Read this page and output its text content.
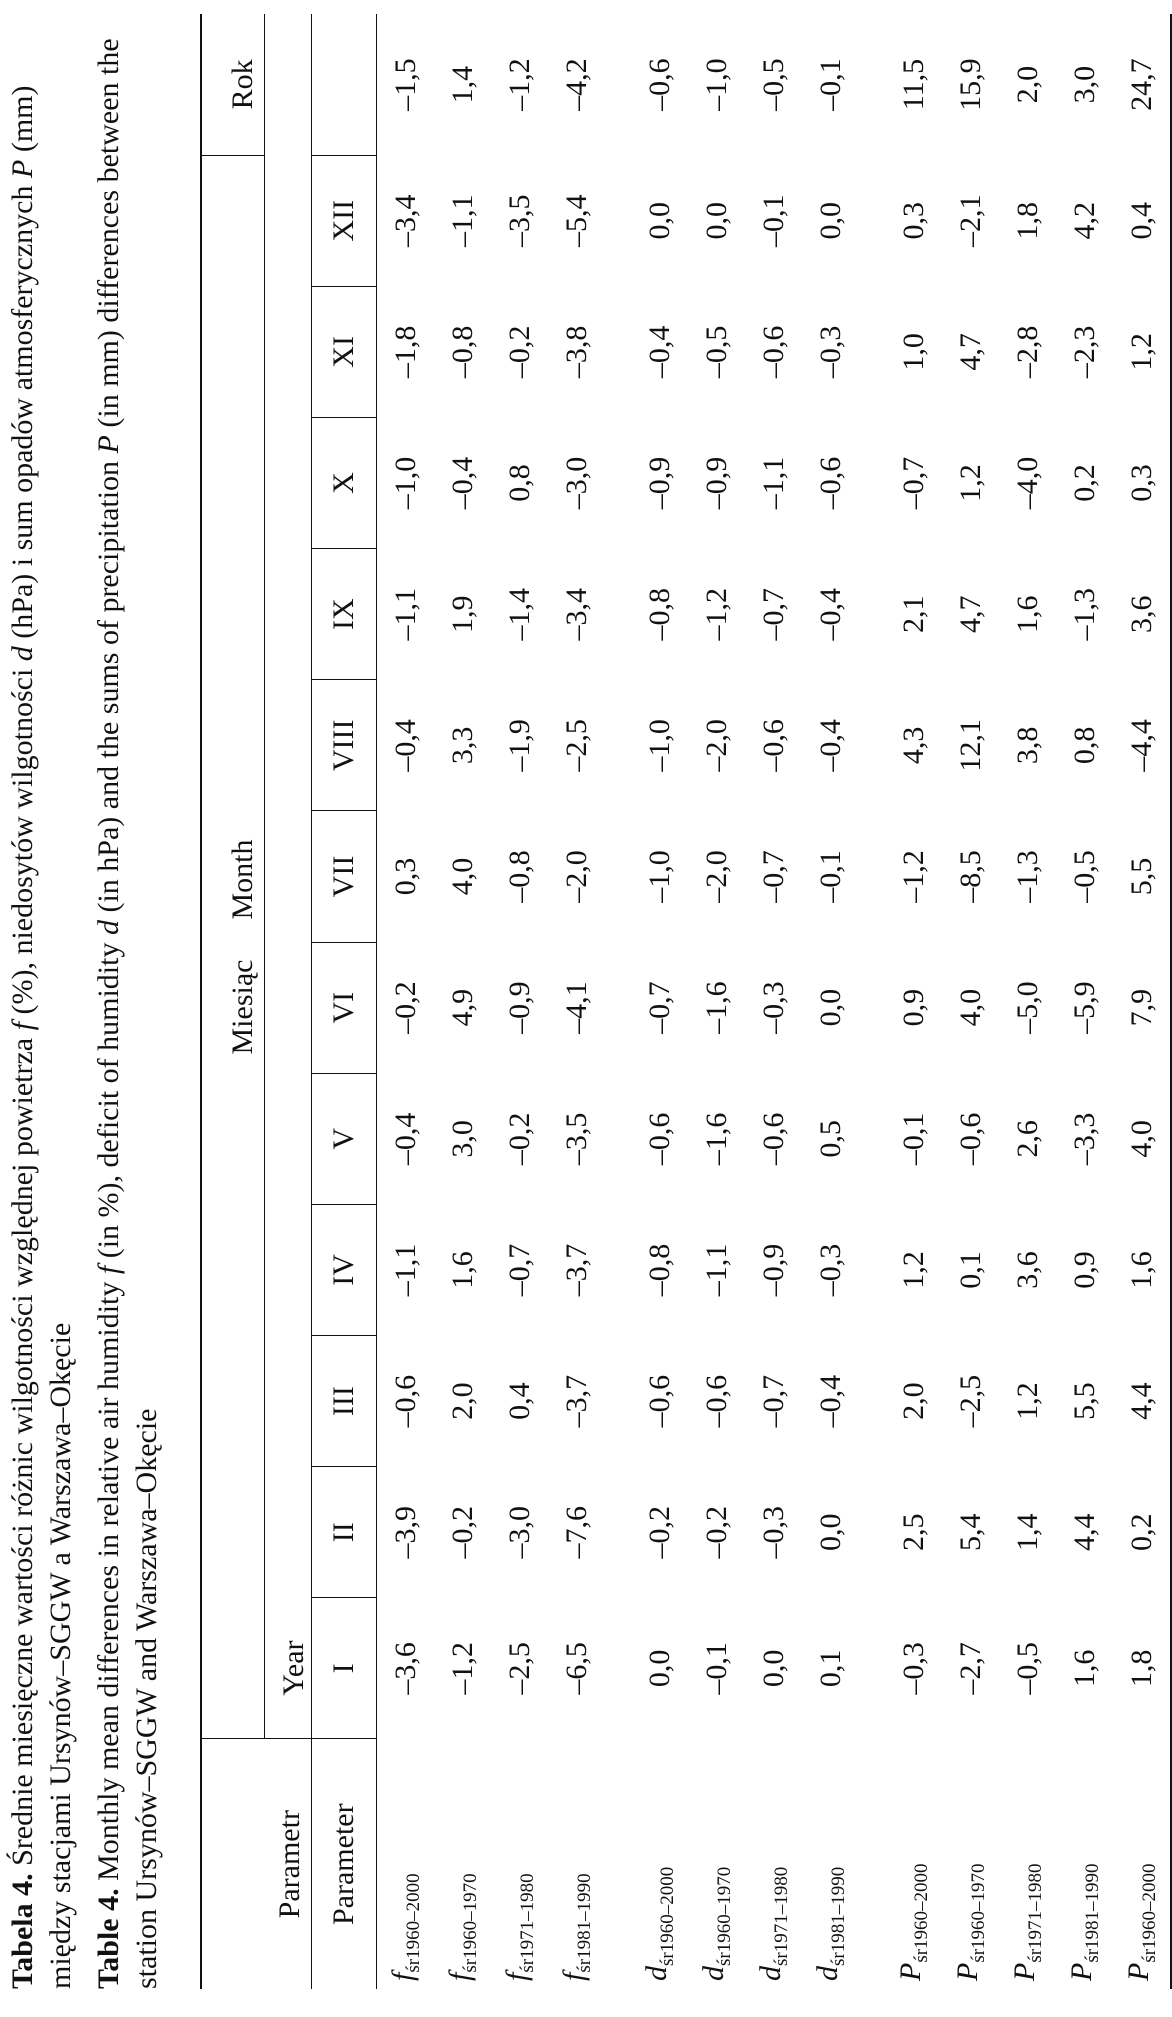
Tabela 4. Średnie miesięczne wartości różnic wilgotności względnej powietrza f (%), niedosytów wilgotności d (hPa) i sum opadów atmosferycznych P (mm) między stacjami Ursynów–SGGW a Warszawa–Okęcie Table 4. Monthly mean differences in relative air humidity f (in %), deficit of humidity d (in hPa) and the sums of precipitation P (in mm) differences between the station Ursynów–SGGW and Warszawa–Okęcie	Parametr	MiesiącMonth												Rok
	Year												
Parameter	I	II	III	IV	V	VI	VII	VIII	IX	X	XI	XII	
$f_{śr1960-2000}$	–3,6	–3,9	–0,6	–1,1	–0,4	–0,2	0,3	–0,4	–1,1	–1,0	–1,8	–3,4	–1,5
$f_{śr1960-1970}$	–1,2	–0,2	2,0	1,6	3,0	4,9	4,0	3,3	1,9	–0,4	–0,8	–1,1	1,4
$f_{śr1971-1980}$	–2,5	–3,0	0,4	–0,7	–0,2	–0,9	–0,8	–1,9	–1,4	0,8	–0,2	–3,5	–1,2
$f_{śr1981-1990}$	–6,5	–7,6	–3,7	–3,7	–3,5	–4,1	–2,0	–2,5	–3,4	–3,0	–3,8	–5,4	–4,2

$d_{śr1960-2000}$	0,0	–0,2	–0,6	–0,8	–0,6	–0,7	–1,0	–1,0	–0,8	–0,9	–0,4	0,0	–0,6
$d_{śr1960-1970}$	–0,1	–0,2	–0,6	–1,1	–1,6	–1,6	–2,0	–2,0	–1,2	–0,9	–0,5	0,0	–1,0
$d_{śr1971-1980}$	0,0	–0,3	–0,7	–0,9	–0,6	–0,3	–0,7	–0,6	–0,7	–1,1	–0,6	–0,1	–0,5
$d_{śr1981-1990}$	0,1	0,0	–0,4	–0,3	0,5	0,0	–0,1	–0,4	–0,4	–0,6	–0,3	0,0	–0,1

$P_{śr1960-2000}$	–0,3	2,5	2,0	1,2	–0,1	0,9	–1,2	4,3	2,1	–0,7	1,0	0,3	11,5
$P_{śr1960-1970}$	–2,7	5,4	–2,5	0,1	–0,6	4,0	–8,5	12,1	4,7	1,2	4,7	–2,1	15,9
$P_{śr1971-1980}$	–0,5	1,4	1,2	3,6	2,6	–5,0	–1,3	3,8	1,6	–4,0	–2,8	1,8	2,0
$P_{śr1981-1990}$	1,6	4,4	5,5	0,9	–3,3	–5,9	–0,5	0,8	–1,3	0,2	–2,3	4,2	3,0
$P_{śr1960-2000}$	1,8	0,2	4,4	1,6	4,0	7,9	5,5	–4,4	3,6	0,3	1,2	0,4	24,7
